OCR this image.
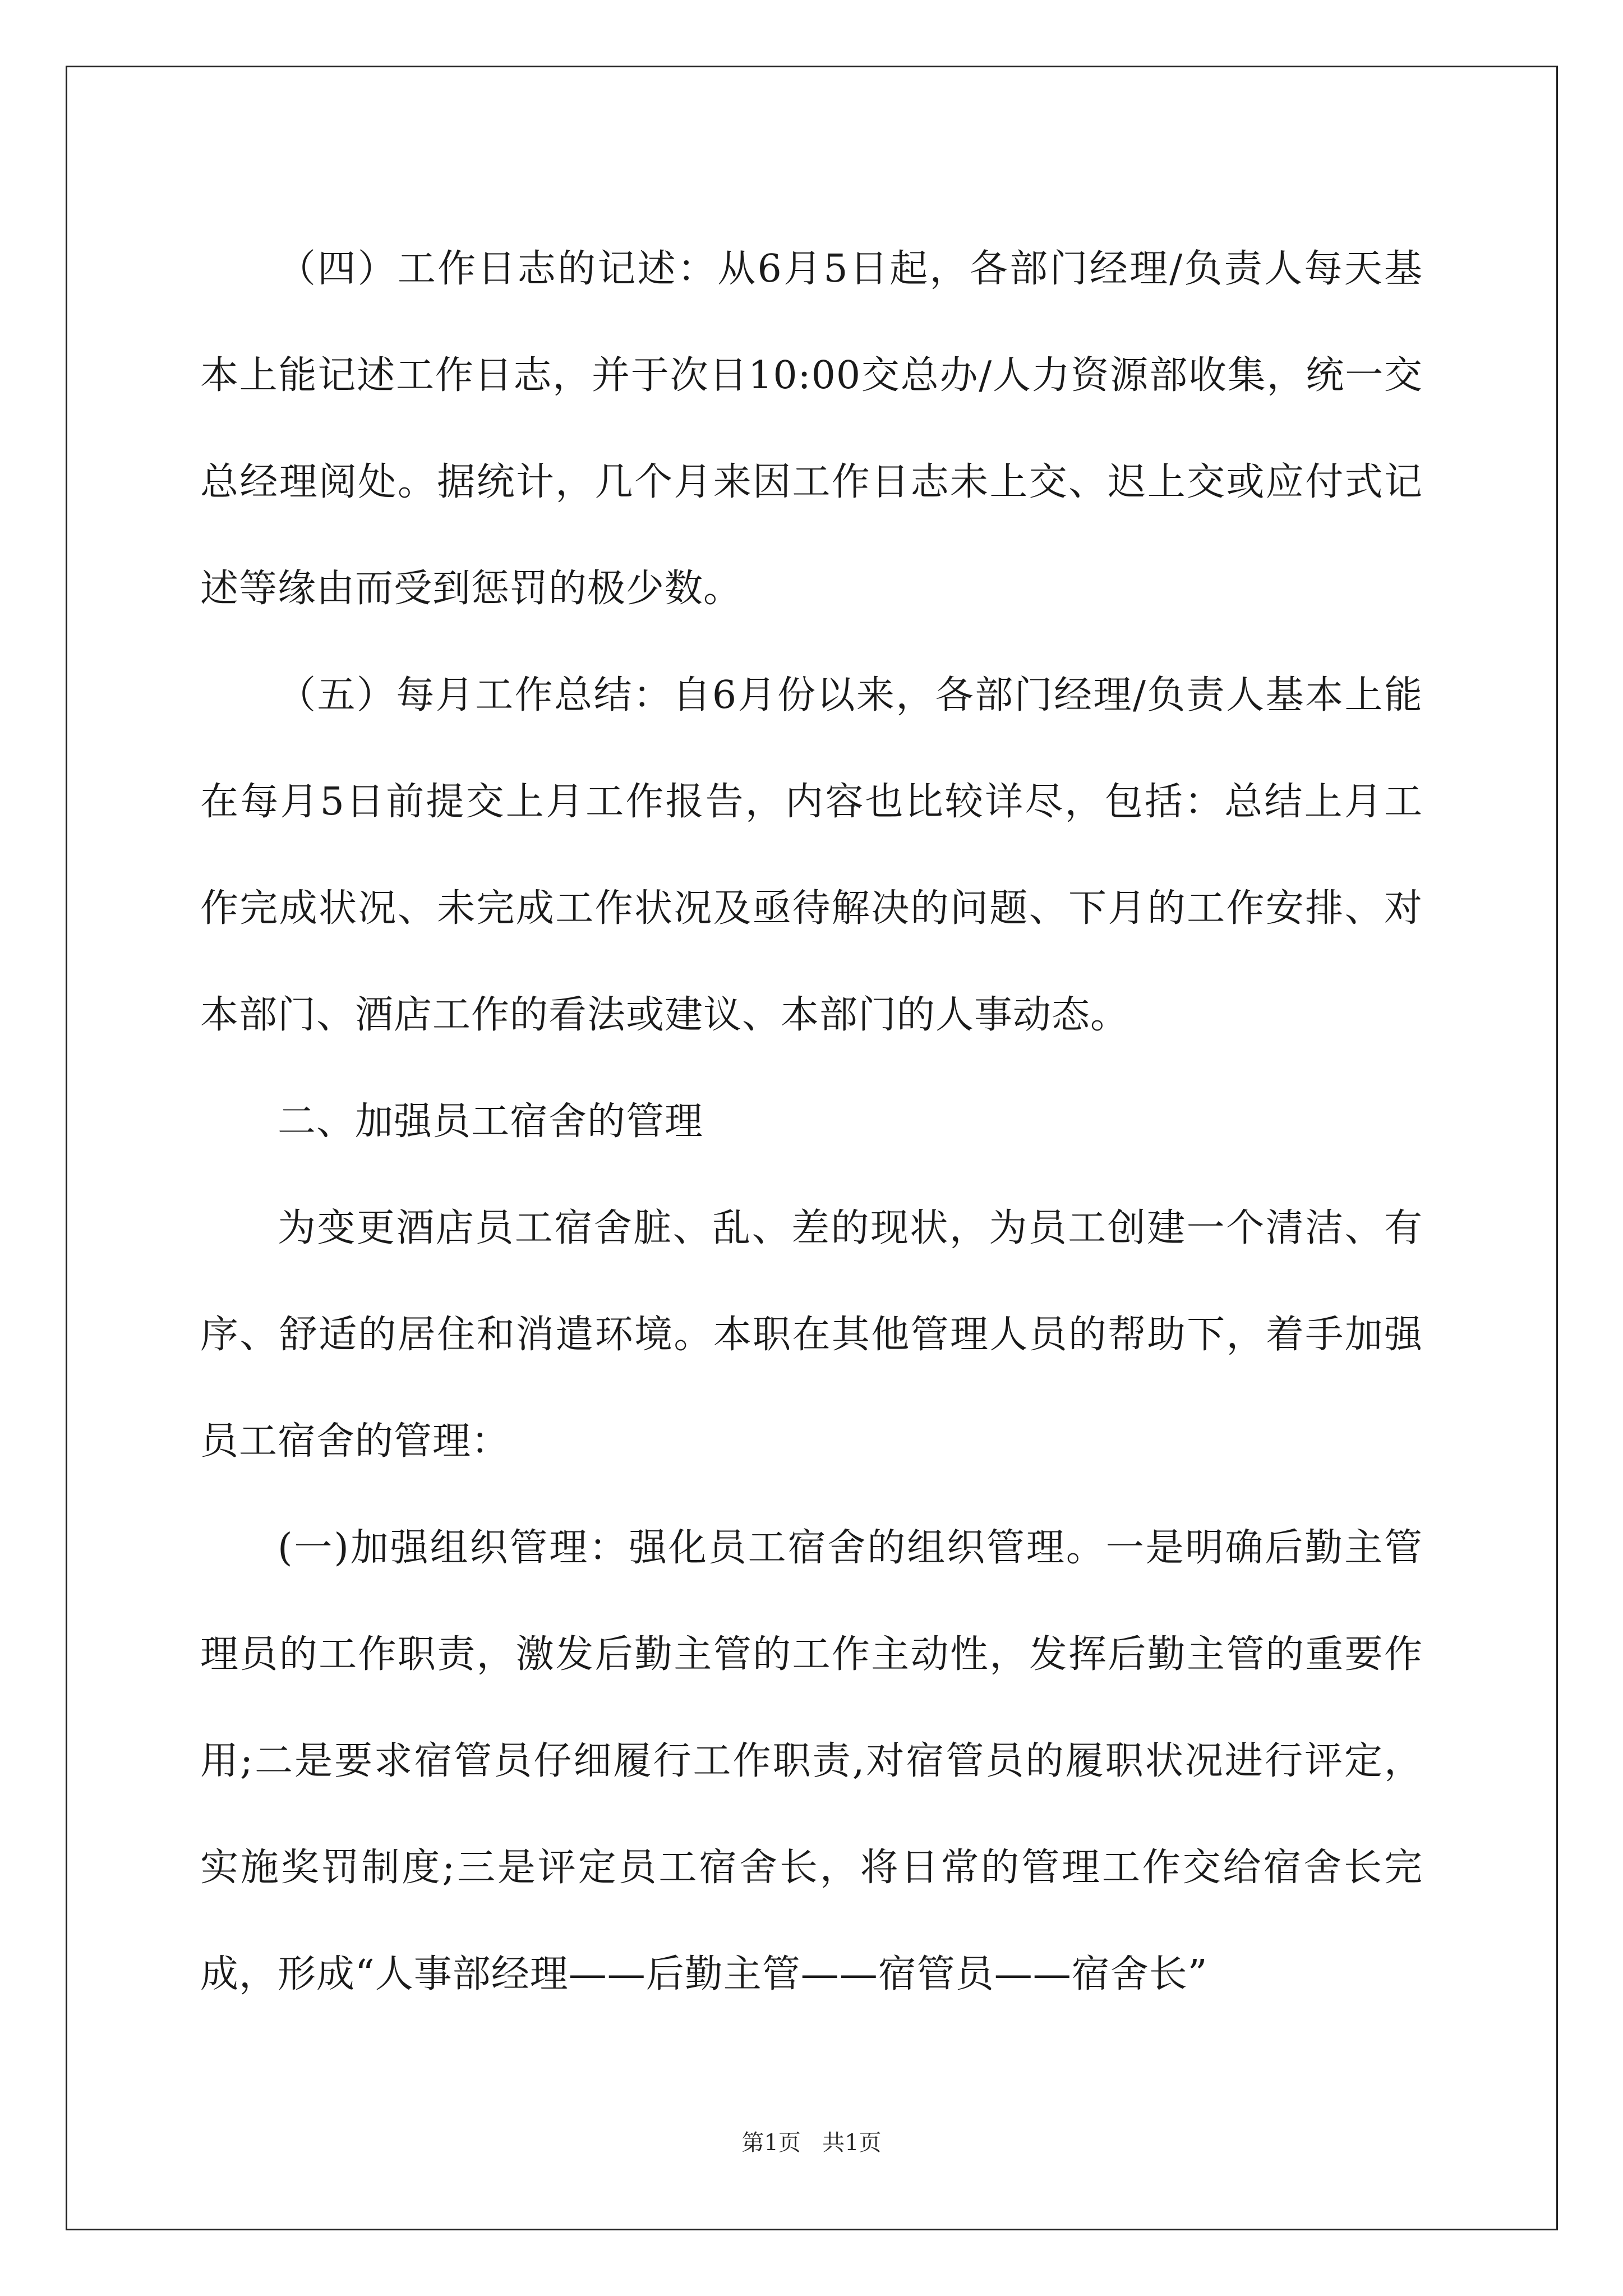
（四）工作日志的记述：从6月5日起，各部门经理/负责人每天基本上能记述工作日志，并于次日10:00交总办/人力资源部收集，统一交总经理阅处。据统计，几个月来因工作日志未上交、迟上交或应付式记述等缘由而受到惩罚的极少数。

（五）每月工作总结：自6月份以来，各部门经理/负责人基本上能在每月5日前提交上月工作报告，内容也比较详尽，包括：总结上月工作完成状况、未完成工作状况及亟待解决的问题、下月的工作安排、对本部门、酒店工作的看法或建议、本部门的人事动态。

二、加强员工宿舍的管理

为变更酒店员工宿舍脏、乱、差的现状，为员工创建一个清洁、有序、舒适的居住和消遣环境。本职在其他管理人员的帮助下，着手加强员工宿舍的管理：

(一)加强组织管理：强化员工宿舍的组织管理。一是明确后勤主管理员的工作职责，激发后勤主管的工作主动性，发挥后勤主管的重要作用;二是要求宿管员仔细履行工作职责,对宿管员的履职状况进行评定，实施奖罚制度;三是评定员工宿舍长，将日常的管理工作交给宿舍长完成，形成“人事部经理——后勤主管——宿管员——宿舍长”

第1页 共1页
